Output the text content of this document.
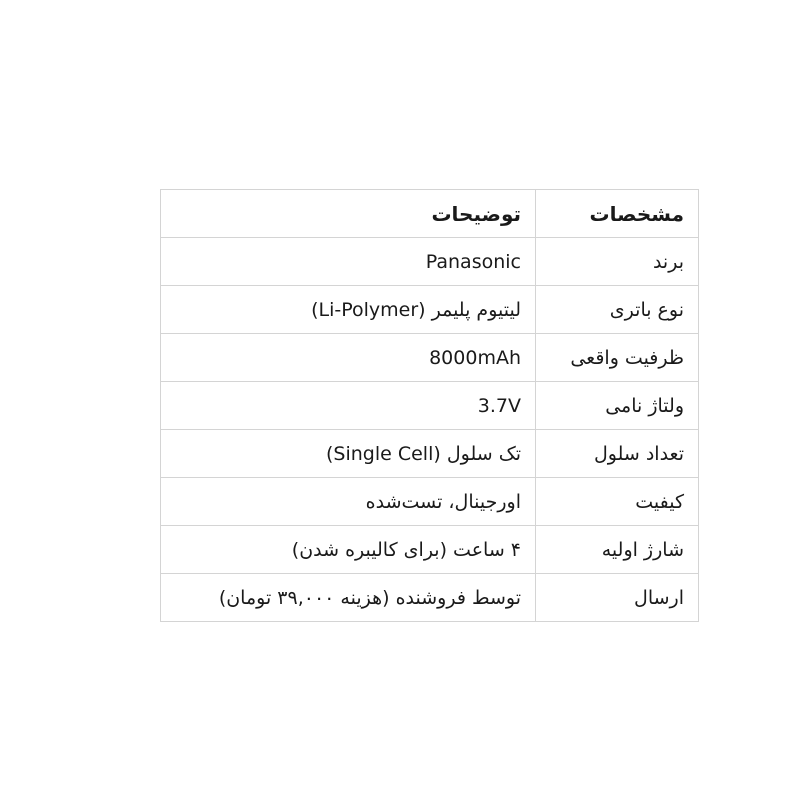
مشخصات	توضیحات
برند	Panasonic
نوع باتری	لیتیوم پلیمر (Li-Polymer)
ظرفیت واقعی	8000mAh
ولتاژ نامی	3.7V
تعداد سلول	تک سلول (Single Cell)
کیفیت	اورجینال، تست‌شده
شارژ اولیه	۴ ساعت (برای کالیبره شدن)
ارسال	توسط فروشنده (هزینه ۳۹,۰۰۰ تومان)
